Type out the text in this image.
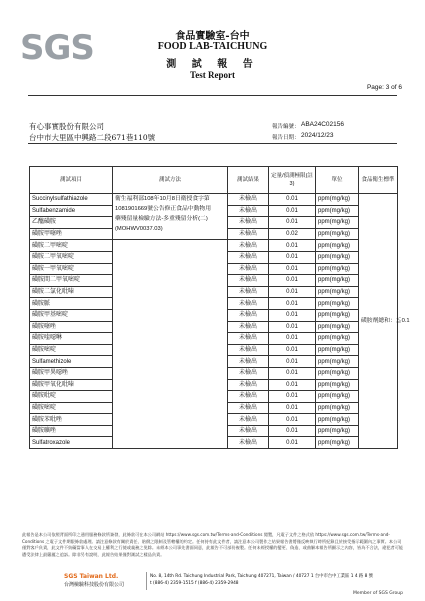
SGS	食品實驗室-台中
FOOD LAB-TAICHUNG
測 試 報 告
Test Report
Page: 3 of 6
有心事實股份有限公司
台中市大里區中興路二段671巷110號
報告編號： ABA24C02156
報告日期： 2024/12/23
測試項目	測試方法	測試結果	定量/偵測極限(註3)	單位	食品衛生標準
Succinylsulfathiazole	衛生福利部108年10月8日衛授食字第
1081901669號公告修正食品中動物用
藥殘留量檢驗方法-多重殘留分析(二)
(MOHWV0037.03)	未檢出	0.01	ppm(mg/kg)	磺胺劑總和：≦0.1
Sulfabenzamide		未檢出	0.01	ppm(mg/kg)	
乙醯磺胺		未檢出	0.01	ppm(mg/kg)	
磺胺甲噻唑		未檢出	0.02	ppm(mg/kg)	
磺胺二甲嘧啶		未檢出	0.01	ppm(mg/kg)	
磺胺二甲氧嘧啶		未檢出	0.01	ppm(mg/kg)	
磺胺一甲氧嘧啶		未檢出	0.01	ppm(mg/kg)	
磺胺間二甲氧嘧啶		未檢出	0.01	ppm(mg/kg)	
磺胺二氯化吡嗪		未檢出	0.01	ppm(mg/kg)	
磺胺脈		未檢出	0.01	ppm(mg/kg)	
磺胺甲基嘧啶		未檢出	0.01	ppm(mg/kg)	
磺胺噻唑		未檢出	0.01	ppm(mg/kg)	
磺胺喹噁啉		未檢出	0.01	ppm(mg/kg)	
磺胺嘧啶		未檢出	0.01	ppm(mg/kg)	
Sulfamethizole		未檢出	0.01	ppm(mg/kg)	
磺胺甲異噁唑		未檢出	0.01	ppm(mg/kg)	
磺胺甲氧化吡嗪		未檢出	0.01	ppm(mg/kg)	
磺胺吡啶		未檢出	0.01	ppm(mg/kg)	
磺胺嘧啶		未檢出	0.01	ppm(mg/kg)	
磺胺苯吡唑		未檢出	0.01	ppm(mg/kg)	
磺胺曠唑		未檢出	0.01	ppm(mg/kg)	
Sulfatroxazole		未檢出	0.01	ppm(mg/kg)	
此報告是本公司依照背面所印之通用服務條款所簽發，此條款可在本公司網站 https://www.sgs.com.tw/Terms-and-Conditions 閱覽，凡電子文件之格式依 https://www.sgs.com.tw/Terms-and-Conditions 之電子文件期限條款處理。請注意條款有關於責任、賠償之限制及管轄權的約定。任何持有此文件者，請注意本公司製作之結果報告書將僅反映執行時所紀錄且於接受指示範圍內之事實。本公司僅對客戶負責，此文件不妨礙當事人在交易上權利之行使或義務之免除。未經本公司事先書面同意，此報告不可部份複製。任何未經授權的變更、偽造、或曲解本報告所顯示之內容，皆為不合法，違犯者可能遭受法律上最嚴厲之追訴。除非另有說明，此報告結果僅對測試之樣品負責。
SGS Taiwan Ltd.
台灣檢驗科技股份有限公司
No. 8, 14th Rd. Taichung Industrial Park, Taichung 407271, Taiwan / 40727 1 台中市台中工業區 1 4 路 8 號
t (886-4) 2359-1515 f (886-4) 2359-2948
Member of SGS Group
